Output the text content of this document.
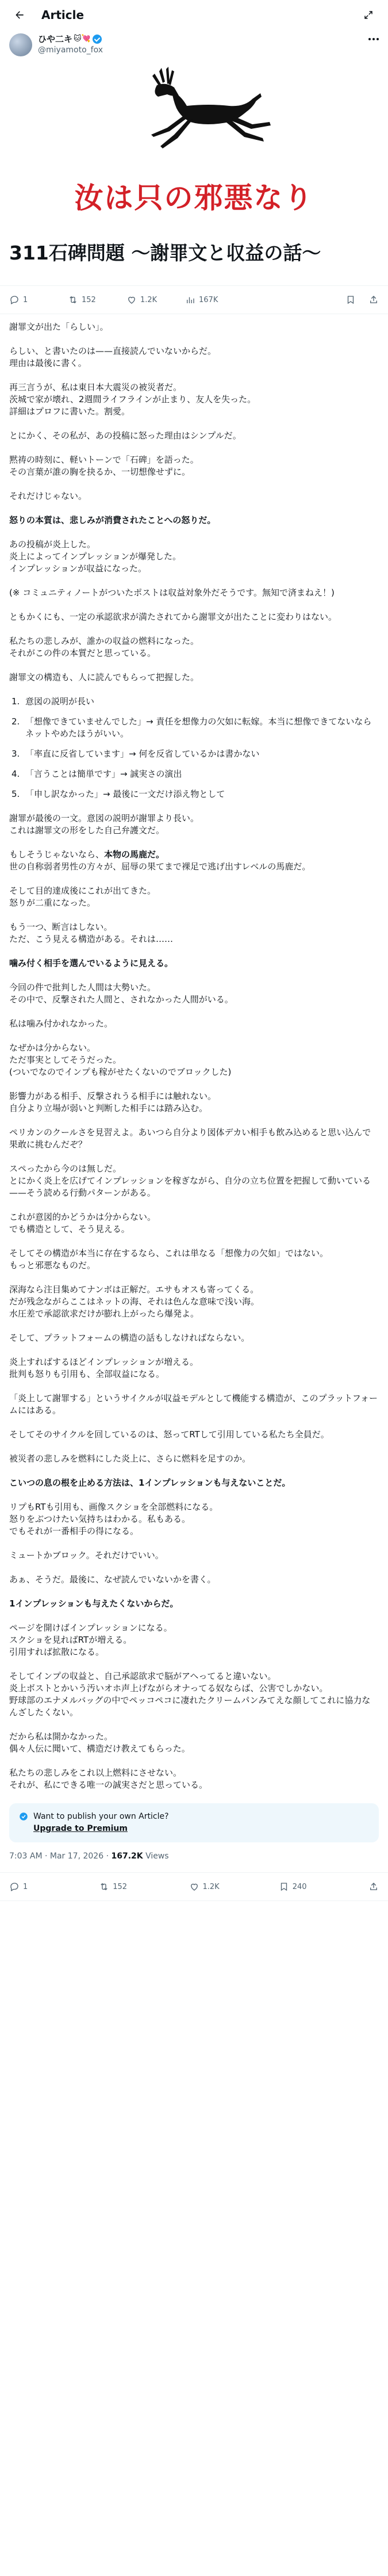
Article
ひや二キ 🐱💘
@miyamoto_fox
汝は只の邪悪なり
311石碑問題 〜謝罪文と収益の話〜
1	152	1.2K	167K

謝罪文が出た「らしい」。

らしい、と書いたのは——直接読んでいないからだ。
理由は最後に書く。

再三言うが、私は東日本大震災の被災者だ。
茨城で家が壊れ、2週間ライフラインが止まり、友人を失った。
詳細はプロフに書いた。割愛。

とにかく、その私が、あの投稿に怒った理由はシンプルだ。

黙祷の時刻に、軽いトーンで「石碑」を語った。
その言葉が誰の胸を抉るか、一切想像せずに。

それだけじゃない。

怒りの本質は、悲しみが消費されたことへの怒りだ。

あの投稿が炎上した。
炎上によってインプレッションが爆発した。
インプレッションが収益になった。

(※ コミュニティノートがついたポストは収益対象外だそうです。無知で済まねえ！)

ともかくにも、一定の承認欲求が満たされてから謝罪文が出たことに変わりはない。

私たちの悲しみが、誰かの収益の燃料になった。
それがこの件の本質だと思っている。

謝罪文の構造も、人に読んでもらって把握した。

1. 意図の説明が長い
2. 「想像できていませんでした」→ 責任を想像力の欠如に転嫁。本当に想像できてないならネットやめたほうがいい。
3. 「率直に反省しています」→ 何を反省しているかは書かない
4. 「言うことは簡単です」→ 誠実さの演出
5. 「申し訳なかった」→ 最後に一文だけ添え物として

謝罪が最後の一文。意図の説明が謝罪より長い。
これは謝罪文の形をした自己弁護文だ。

もしそうじゃないなら、本物の馬鹿だ。
世の自称弱者男性の方々が、屈辱の果てまで裸足で逃げ出すレベルの馬鹿だ。

そして目的達成後にこれが出てきた。
怒りが二重になった。

もう一つ、断言はしない。
ただ、こう見える構造がある。それは……

噛み付く相手を選んでいるように見える。

今回の件で批判した人間は大勢いた。
その中で、反撃された人間と、されなかった人間がいる。

私は噛み付かれなかった。

なぜかは分からない。
ただ事実としてそうだった。
(ついでなのでインプも稼がせたくないのでブロックした)

影響力がある相手、反撃されうる相手には触れない。
自分より立場が弱いと判断した相手には踏み込む。

ペリカンのクールさを見習えよ。あいつら自分より図体デカい相手も飲み込めると思い込んで果敢に挑むんだぞ？

スペったから今のは無しだ。
とにかく炎上を広げてインプレッションを稼ぎながら、自分の立ち位置を把握して動いている——そう読める行動パターンがある。

これが意図的かどうかは分からない。
でも構造として、そう見える。

そしてその構造が本当に存在するなら、これは単なる「想像力の欠如」ではない。
もっと邪悪なものだ。

深海なら注目集めてナンボは正解だ。エサもオスも寄ってくる。
だが残念ながらここはネットの海、それは色んな意味で浅い海。
水圧差で承認欲求だけが膨れ上がったら爆発よ。

そして、プラットフォームの構造の話もしなければならない。

炎上すればするほどインプレッションが増える。
批判も怒りも引用も、全部収益になる。

「炎上して謝罪する」というサイクルが収益モデルとして機能する構造が、このプラットフォームにはある。

そしてそのサイクルを回しているのは、怒ってRTして引用している私たち全員だ。

被災者の悲しみを燃料にした炎上に、さらに燃料を足すのか。

こいつの息の根を止める方法は、1インプレッションも与えないことだ。

リプもRTも引用も、画像スクショを全部燃料になる。
怒りをぶつけたい気持ちはわかる。私もある。
でもそれが一番相手の得になる。

ミュートかブロック。それだけでいい。

あぁ、そうだ。最後に、なぜ読んでいないかを書く。

1インプレッションも与えたくないからだ。

ページを開けばインプレッションになる。
スクショを見ればRTが増える。
引用すれば拡散になる。

そしてインプの収益と、自己承認欲求で脳がアヘってると違いない。
炎上ボストとかいう汚いオホ声上げながらオナってる奴ならば、公害でしかない。
野球部のエナメルバッグの中でペッコペコに凄れたクリームパンみてえな顔してこれに協力なんざしたくない。

だから私は開かなかった。
偶々人伝に聞いて、構造だけ教えてもらった。

私たちの悲しみをこれ以上燃料にさせない。
それが、私にできる唯一の誠実さだと思っている。

Want to publish your own Article?
Upgrade to Premium
7:03 AM · Mar 17, 2026 · 167.2K Views
1	152	1.2K	240
